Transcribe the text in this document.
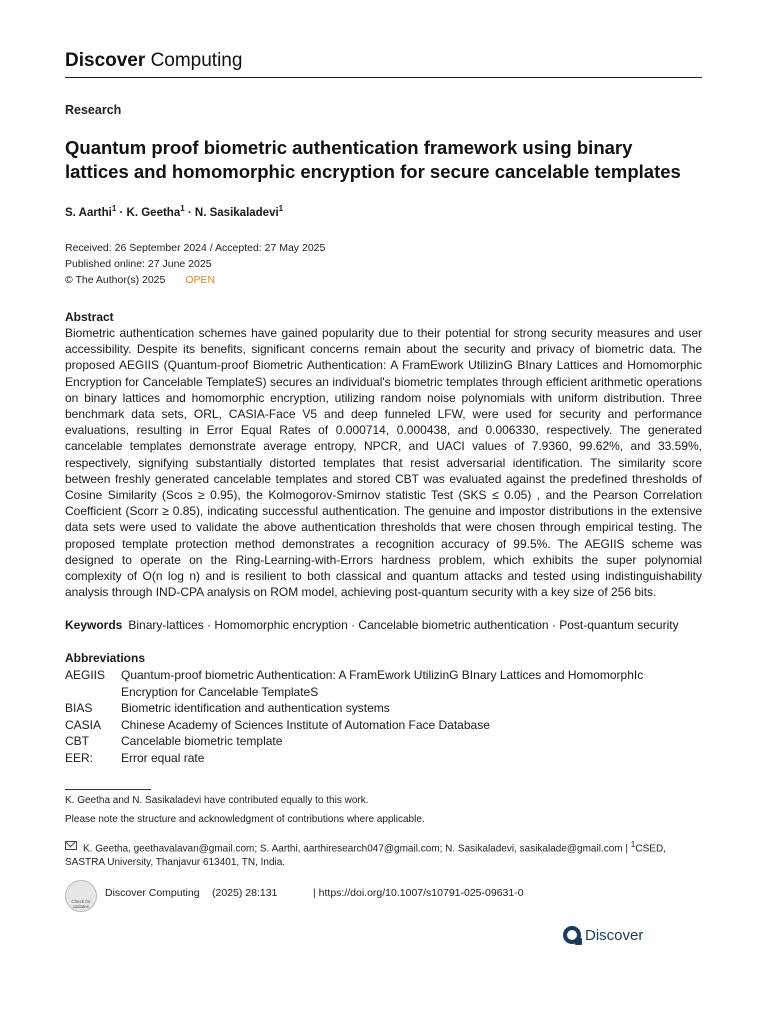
Discover Computing
Research
Quantum proof biometric authentication framework using binary lattices and homomorphic encryption for secure cancelable templates
S. Aarthi$^1$ · K. Geetha$^1$ · N. Sasikaladevi$^1$
Received: 26 September 2024 / Accepted: 27 May 2025
Published online: 27 June 2025
© The Author(s) 2025 OPEN
Abstract
Biometric authentication schemes have gained popularity due to their potential for strong security measures and user accessibility. Despite its benefits, significant concerns remain about the security and privacy of biometric data. The proposed AEGIIS (Quantum-proof Biometric Authentication: A FramEwork UtilizinG BInary Lattices and Homomorphic Encryption for Cancelable TemplateS) secures an individual's biometric templates through efficient arithmetic operations on binary lattices and homomorphic encryption, utilizing random noise polynomials with uniform distribution. Three benchmark data sets, ORL, CASIA-Face V5 and deep funneled LFW, were used for security and performance evaluations, resulting in Error Equal Rates of 0.000714, 0.000438, and 0.006330, respectively. The generated cancelable templates demonstrate average entropy, NPCR, and UACI values of 7.9360, 99.62%, and 33.59%, respectively, signifying substantially distorted templates that resist adversarial identification. The similarity score between freshly generated cancelable templates and stored CBT was evaluated against the predefined thresholds of Cosine Similarity (Scos ≥ 0.95), the Kolmogorov-Smirnov statistic Test (SKS ≤ 0.05) , and the Pearson Correlation Coefficient (Scorr ≥ 0.85), indicating successful authentication. The genuine and impostor distributions in the extensive data sets were used to validate the above authentication thresholds that were chosen through empirical testing. The proposed template protection method demonstrates a recognition accuracy of 99.5%. The AEGIIS scheme was designed to operate on the Ring-Learning-with-Errors hardness problem, which exhibits the super polynomial complexity of O(n log n) and is resilient to both classical and quantum attacks and tested using indistinguishability analysis through IND-CPA analysis on ROM model, achieving post-quantum security with a key size of 256 bits.
Keywords Binary-lattices · Homomorphic encryption · Cancelable biometric authentication · Post-quantum security
Abbreviations
AEGIIS	Quantum-proof biometric Authentication: A FramEwork UtilizinG BInary Lattices and HomomorphIc Encryption for Cancelable TemplateS
BIAS	Biometric identification and authentication systems
CASIA	Chinese Academy of Sciences Institute of Automation Face Database
CBT	Cancelable biometric template
EER:	Error equal rate
K. Geetha and N. Sasikaladevi have contributed equally to this work.
Please note the structure and acknowledgment of contributions where applicable.
K. Geetha, geethavalavan@gmail.com; S. Aarthi, aarthiresearch047@gmail.com; N. Sasikaladevi, sasikalade@gmail.com | $^1$CSED, SASTRA University, Thanjavur 613401, TN, India.
Check for updates
Discover Computing (2025) 28:131	| https://doi.org/10.1007/s10791-025-09631-0
Discover
